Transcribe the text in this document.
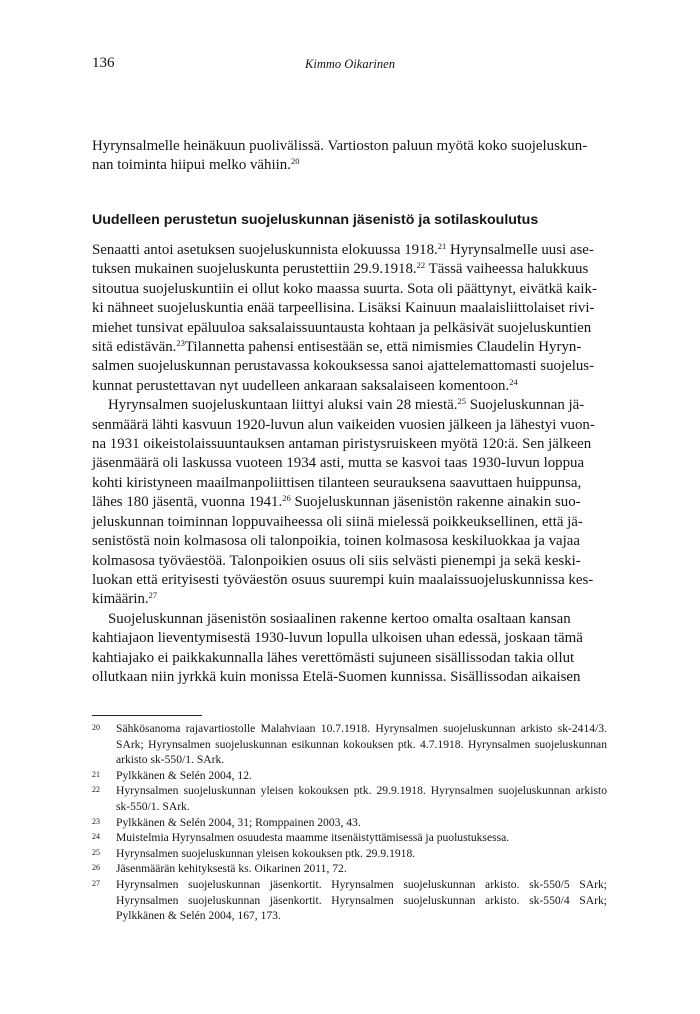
136	Kimmo Oikarinen

Hyrynsalmelle heinäkuun puolivälissä. Vartioston paluun myötä koko suojeluskun-
nan toiminta hiipui melko vähiin.$^{20}$

Uudelleen perustetun suojeluskunnan jäsenistö ja sotilaskoulutus

Senaatti antoi asetuksen suojeluskunnista elokuussa 1918.21 Hyrynsalmelle uusi ase-
tuksen mukainen suojeluskunta perustettiin 29.9.1918.22 Tässä vaiheessa halukkuus
sitoutua suojeluskuntiin ei ollut koko maassa suurta. Sota oli päättynyt, eivätkä kaik-
ki nähneet suojeluskuntia enää tarpeellisina. Lisäksi Kainuun maalaisliittolaiset rivi-
miehet tunsivat epäluuloa saksalaissuuntausta kohtaan ja pelkäsivät suojeluskuntien
sitä edistävän.$^{23}$Tilannetta pahensi entisestään se, että nimismies Claudelin Hyryn-
salmen suojeluskunnan perustavassa kokouksessa sanoi ajattelemattomasti suojelus-
kunnat perustettavan nyt uudelleen ankaraan saksalaiseen komentoon.$^{24}$

Hyrynsalmen suojeluskuntaan liittyi aluksi vain 28 miestä.$^{25}$ Suojeluskunnan jä-
senmäärä lähti kasvuun 1920-luvun alun vaikeiden vuosien jälkeen ja lähestyi vuon-
na 1931 oikeistolaissuuntauksen antaman piristysruiskeen myötä 120:ä. Sen jälkeen
jäsenmäärä oli laskussa vuoteen 1934 asti, mutta se kasvoi taas 1930-luvun loppua
kohti kiristyneen maailmanpoliittisen tilanteen seurauksena saavuttaen huippunsa,
lähes 180 jäsentä, vuonna 1941.26 Suojeluskunnan jäsenistön rakenne ainakin suo-
jeluskunnan toiminnan loppuvaiheessa oli siinä mielessä poikkeuksellinen, että jä-
senistöstä noin kolmasosa oli talonpoikia, toinen kolmasosa keskiluokkaa ja vajaa
kolmasosa työväestöä. Talonpoikien osuus oli siis selvästi pienempi ja sekä keski-
luokan että erityisesti työväestön osuus suurempi kuin maalaissuojeluskunnissa kes-
kimäärin.$^{27}$

Suojeluskunnan jäsenistön sosiaalinen rakenne kertoo omalta osaltaan kansan
kahtiajaon lieventymisestä 1930-luvun lopulla ulkoisen uhan edessä, joskaan tämä
kahtiajako ei paikkakunnalla lähes verettömästi sujuneen sisällissodan takia ollut
ollutkaan niin jyrkkä kuin monissa Etelä-Suomen kunnissa. Sisällissodan aikaisen

20	Sähkösanoma rajavartiostolle Malahviaan 10.7.1918. Hyrynsalmen suojeluskunnan arkisto sk-2414/3. SArk; Hyrynsalmen suojeluskunnan esikunnan kokouksen ptk. 4.7.1918. Hyrynsalmen suojeluskunnan arkisto sk-550/1. SArk.
21	Pylkkänen & Selén 2004, 12.
22	Hyrynsalmen suojeluskunnan yleisen kokouksen ptk. 29.9.1918. Hyrynsalmen suojeluskunnan arkisto sk-550/1. SArk.
23	Pylkkänen & Selén 2004, 31; Romppainen 2003, 43.
24	Muistelmia Hyrynsalmen osuudesta maamme itsenäistyttämisessä ja puolustuksessa.
25	Hyrynsalmen suojeluskunnan yleisen kokouksen ptk. 29.9.1918.
26	Jäsenmäärän kehityksestä ks. Oikarinen 2011, 72.
27	Hyrynsalmen suojeluskunnan jäsenkortit. Hyrynsalmen suojeluskunnan arkisto. sk-550/5 SArk; Hyrynsalmen suojeluskunnan jäsenkortit. Hyrynsalmen suojeluskunnan arkisto. sk-550/4 SArk; Pylkkänen & Selén 2004, 167, 173.
